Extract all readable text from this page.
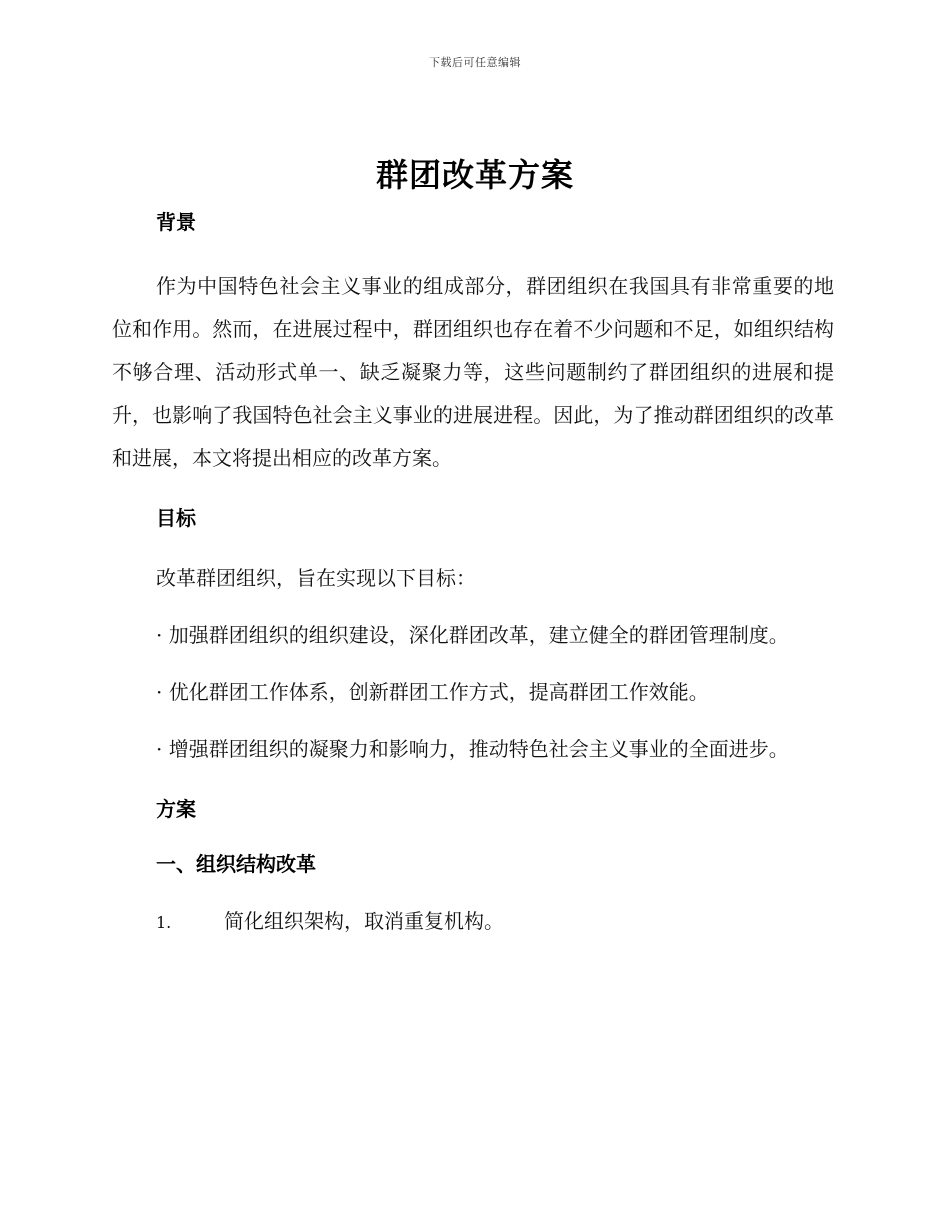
下载后可任意编辑
群团改革方案

背景

作为中国特色社会主义事业的组成部分，群团组织在我国具有非常重要的地位和作用。然而，在进展过程中，群团组织也存在着不少问题和不足，如组织结构不够合理、活动形式单一、缺乏凝聚力等，这些问题制约了群团组织的进展和提升，也影响了我国特色社会主义事业的进展进程。因此，为了推动群团组织的改革和进展，本文将提出相应的改革方案。

目标

改革群团组织，旨在实现以下目标：

· 加强群团组织的组织建设，深化群团改革，建立健全的群团管理制度。

· 优化群团工作体系，创新群团工作方式，提高群团工作效能。

· 增强群团组织的凝聚力和影响力，推动特色社会主义事业的全面进步。

方案

一、组织结构改革

1.	简化组织架构，取消重复机构。
